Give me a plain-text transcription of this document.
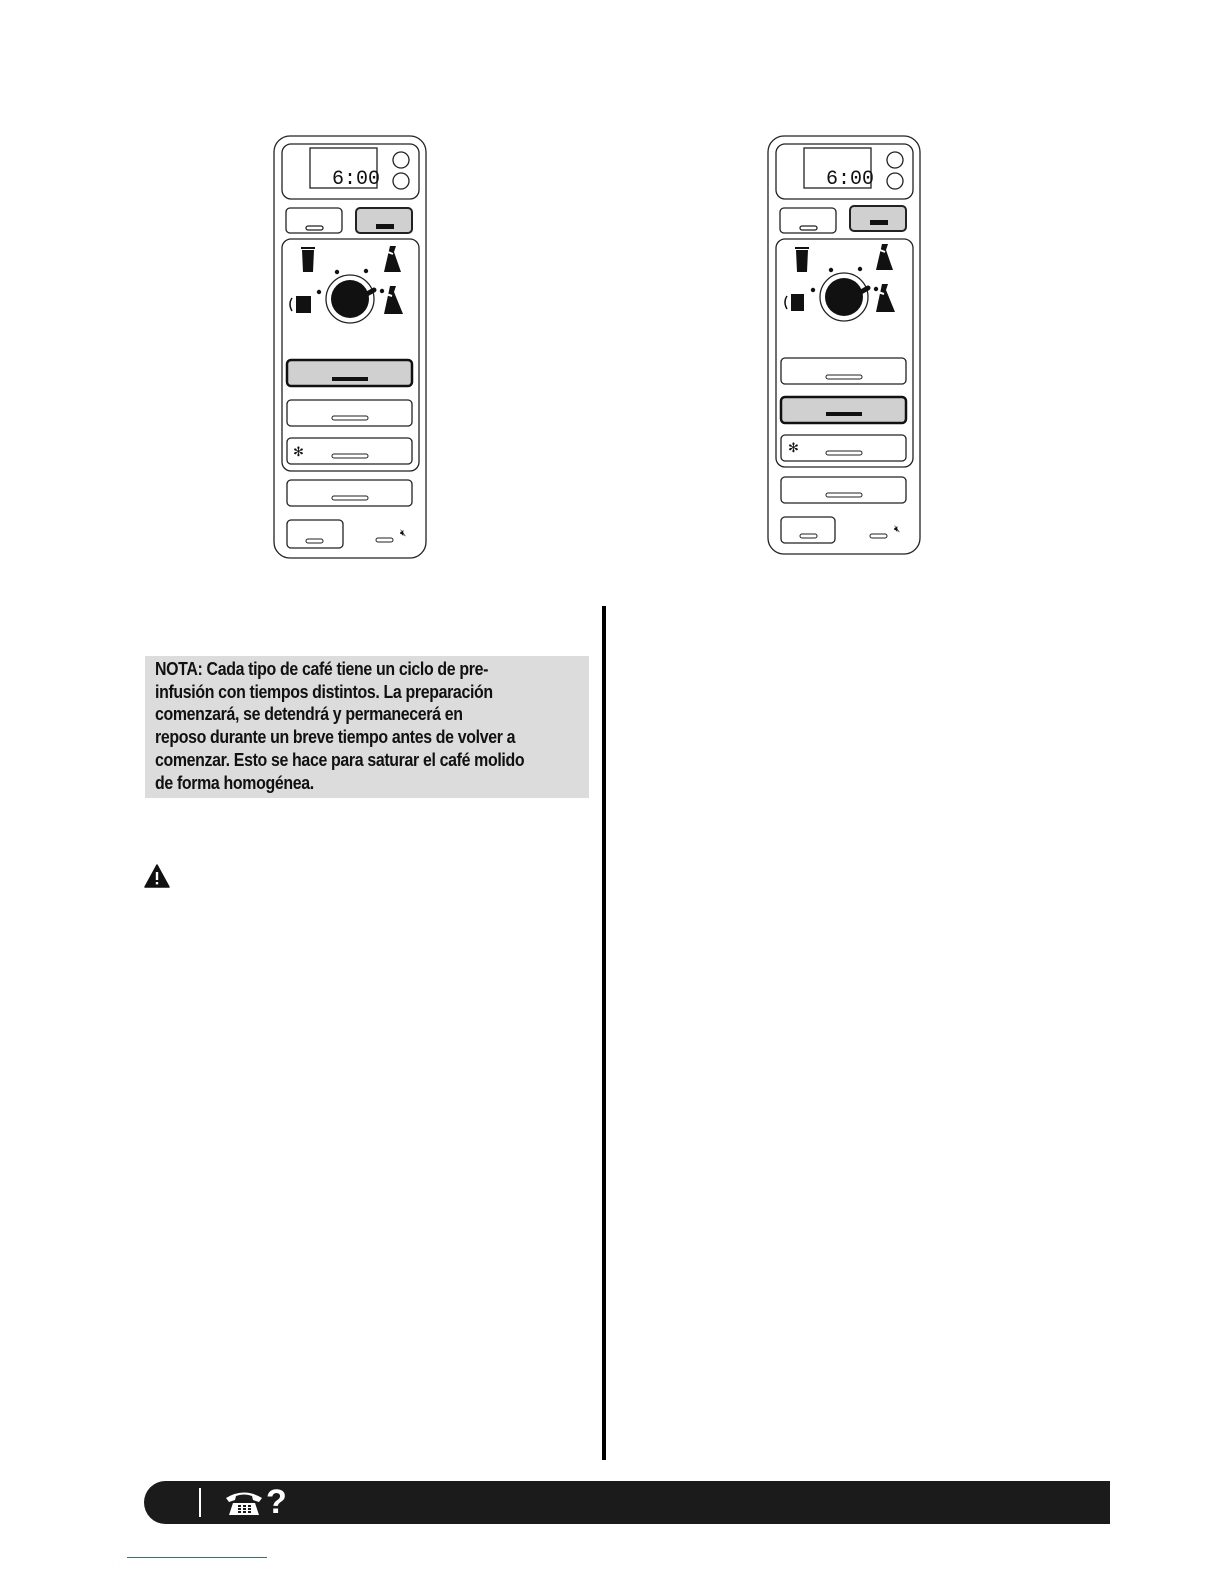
6:00
✻
🔇︎
6:00
✻
🔇︎
NOTA: Cada tipo de café tiene un ciclo de pre-
infusión con tiempos distintos. La preparación
comenzará, se detendrá y permanecerá en
reposo durante un breve tiempo antes de volver a
comenzar. Esto se hace para saturar el café molido
de forma homogénea.
?
